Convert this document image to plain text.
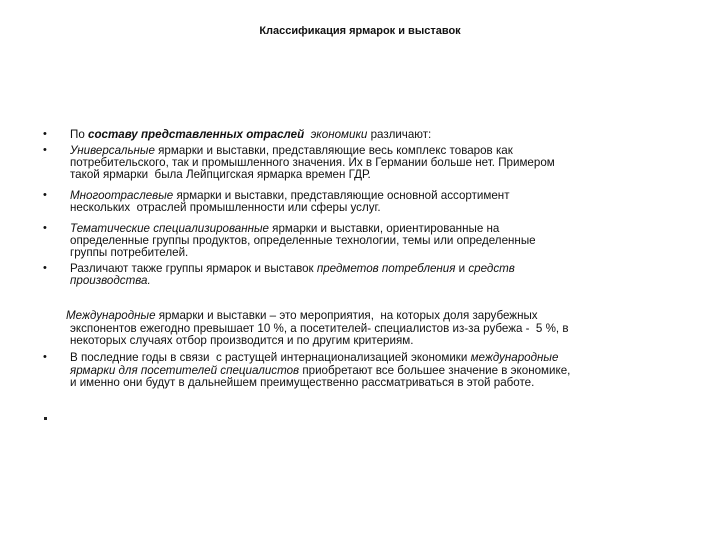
Классификация ярмарок и выставок
По составу представленных отраслей экономики различают:
•
Универсальные ярмарки и выставки, представляющие весь комплекс товаров как
•
потребительского, так и промышленного значения. Их в Германии больше нет. Примером
такой ярмарки  была Лейпцигская ярмарка времен ГДР.
Многоотраслевые ярмарки и выставки, представляющие основной ассортимент
•
нескольких  отраслей промышленности или сферы услуг.
Тематические специализированные ярмарки и выставки, ориентированные на
•
определенные группы продуктов, определенные технологии, темы или определенные
группы потребителей.
Различают также группы ярмарок и выставок предметов потребления и средств
•
производства.
Международные ярмарки и выставки – это мероприятия,  на которых доля зарубежных
экспонентов ежегодно превышает 10 %, а посетителей- специалистов из-за рубежа -  5 %, в
некоторых случаях отбор производится и по другим критериям.
В последние годы в связи  с растущей интернационализацией экономики международные
•
ярмарки для посетителей специалистов приобретают все большее значение в экономике,
и именно они будут в дальнейшем преимущественно рассматриваться в этой работе.
